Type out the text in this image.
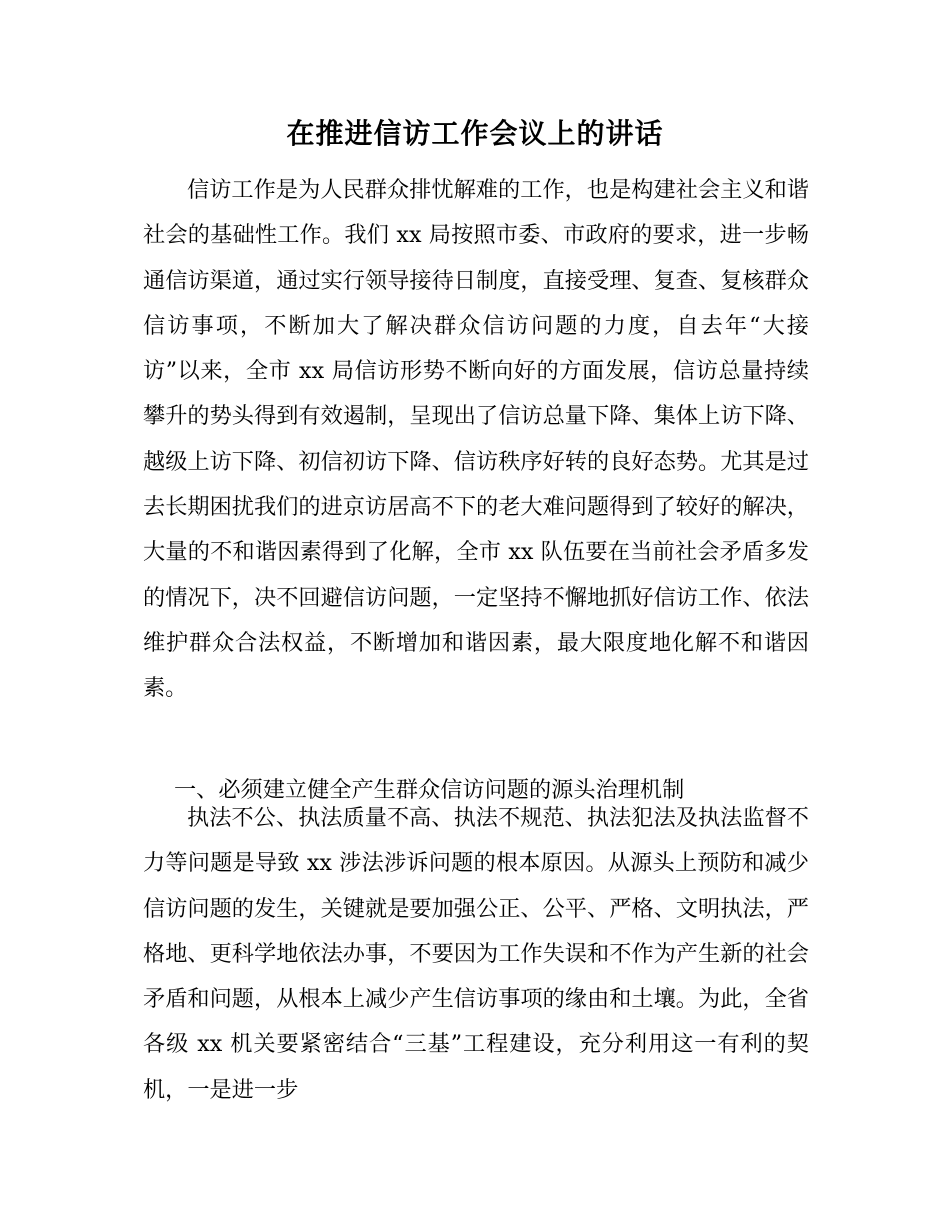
在推进信访工作会议上的讲话

信访工作是为人民群众排忧解难的工作，也是构建社会主义和谐社会的基础性工作。我们 xx 局按照市委、市政府的要求，进一步畅通信访渠道，通过实行领导接待日制度，直接受理、复查、复核群众信访事项，不断加大了解决群众信访问题的力度，自去年“大接访”以来，全市 xx 局信访形势不断向好的方面发展，信访总量持续攀升的势头得到有效遏制，呈现出了信访总量下降、集体上访下降、越级上访下降、初信初访下降、信访秩序好转的良好态势。尤其是过去长期困扰我们的进京访居高不下的老大难问题得到了较好的解决，大量的不和谐因素得到了化解，全市 xx 队伍要在当前社会矛盾多发的情况下，决不回避信访问题，一定坚持不懈地抓好信访工作、依法维护群众合法权益，不断增加和谐因素，最大限度地化解不和谐因素。

一、必须建立健全产生群众信访问题的源头治理机制

执法不公、执法质量不高、执法不规范、执法犯法及执法监督不力等问题是导致 xx 涉法涉诉问题的根本原因。从源头上预防和减少信访问题的发生，关键就是要加强公正、公平、严格、文明执法，严格地、更科学地依法办事，不要因为工作失误和不作为产生新的社会矛盾和问题，从根本上减少产生信访事项的缘由和土壤。为此，全省各级 xx 机关要紧密结合“三基”工程建设，充分利用这一有利的契机，一是进一步
